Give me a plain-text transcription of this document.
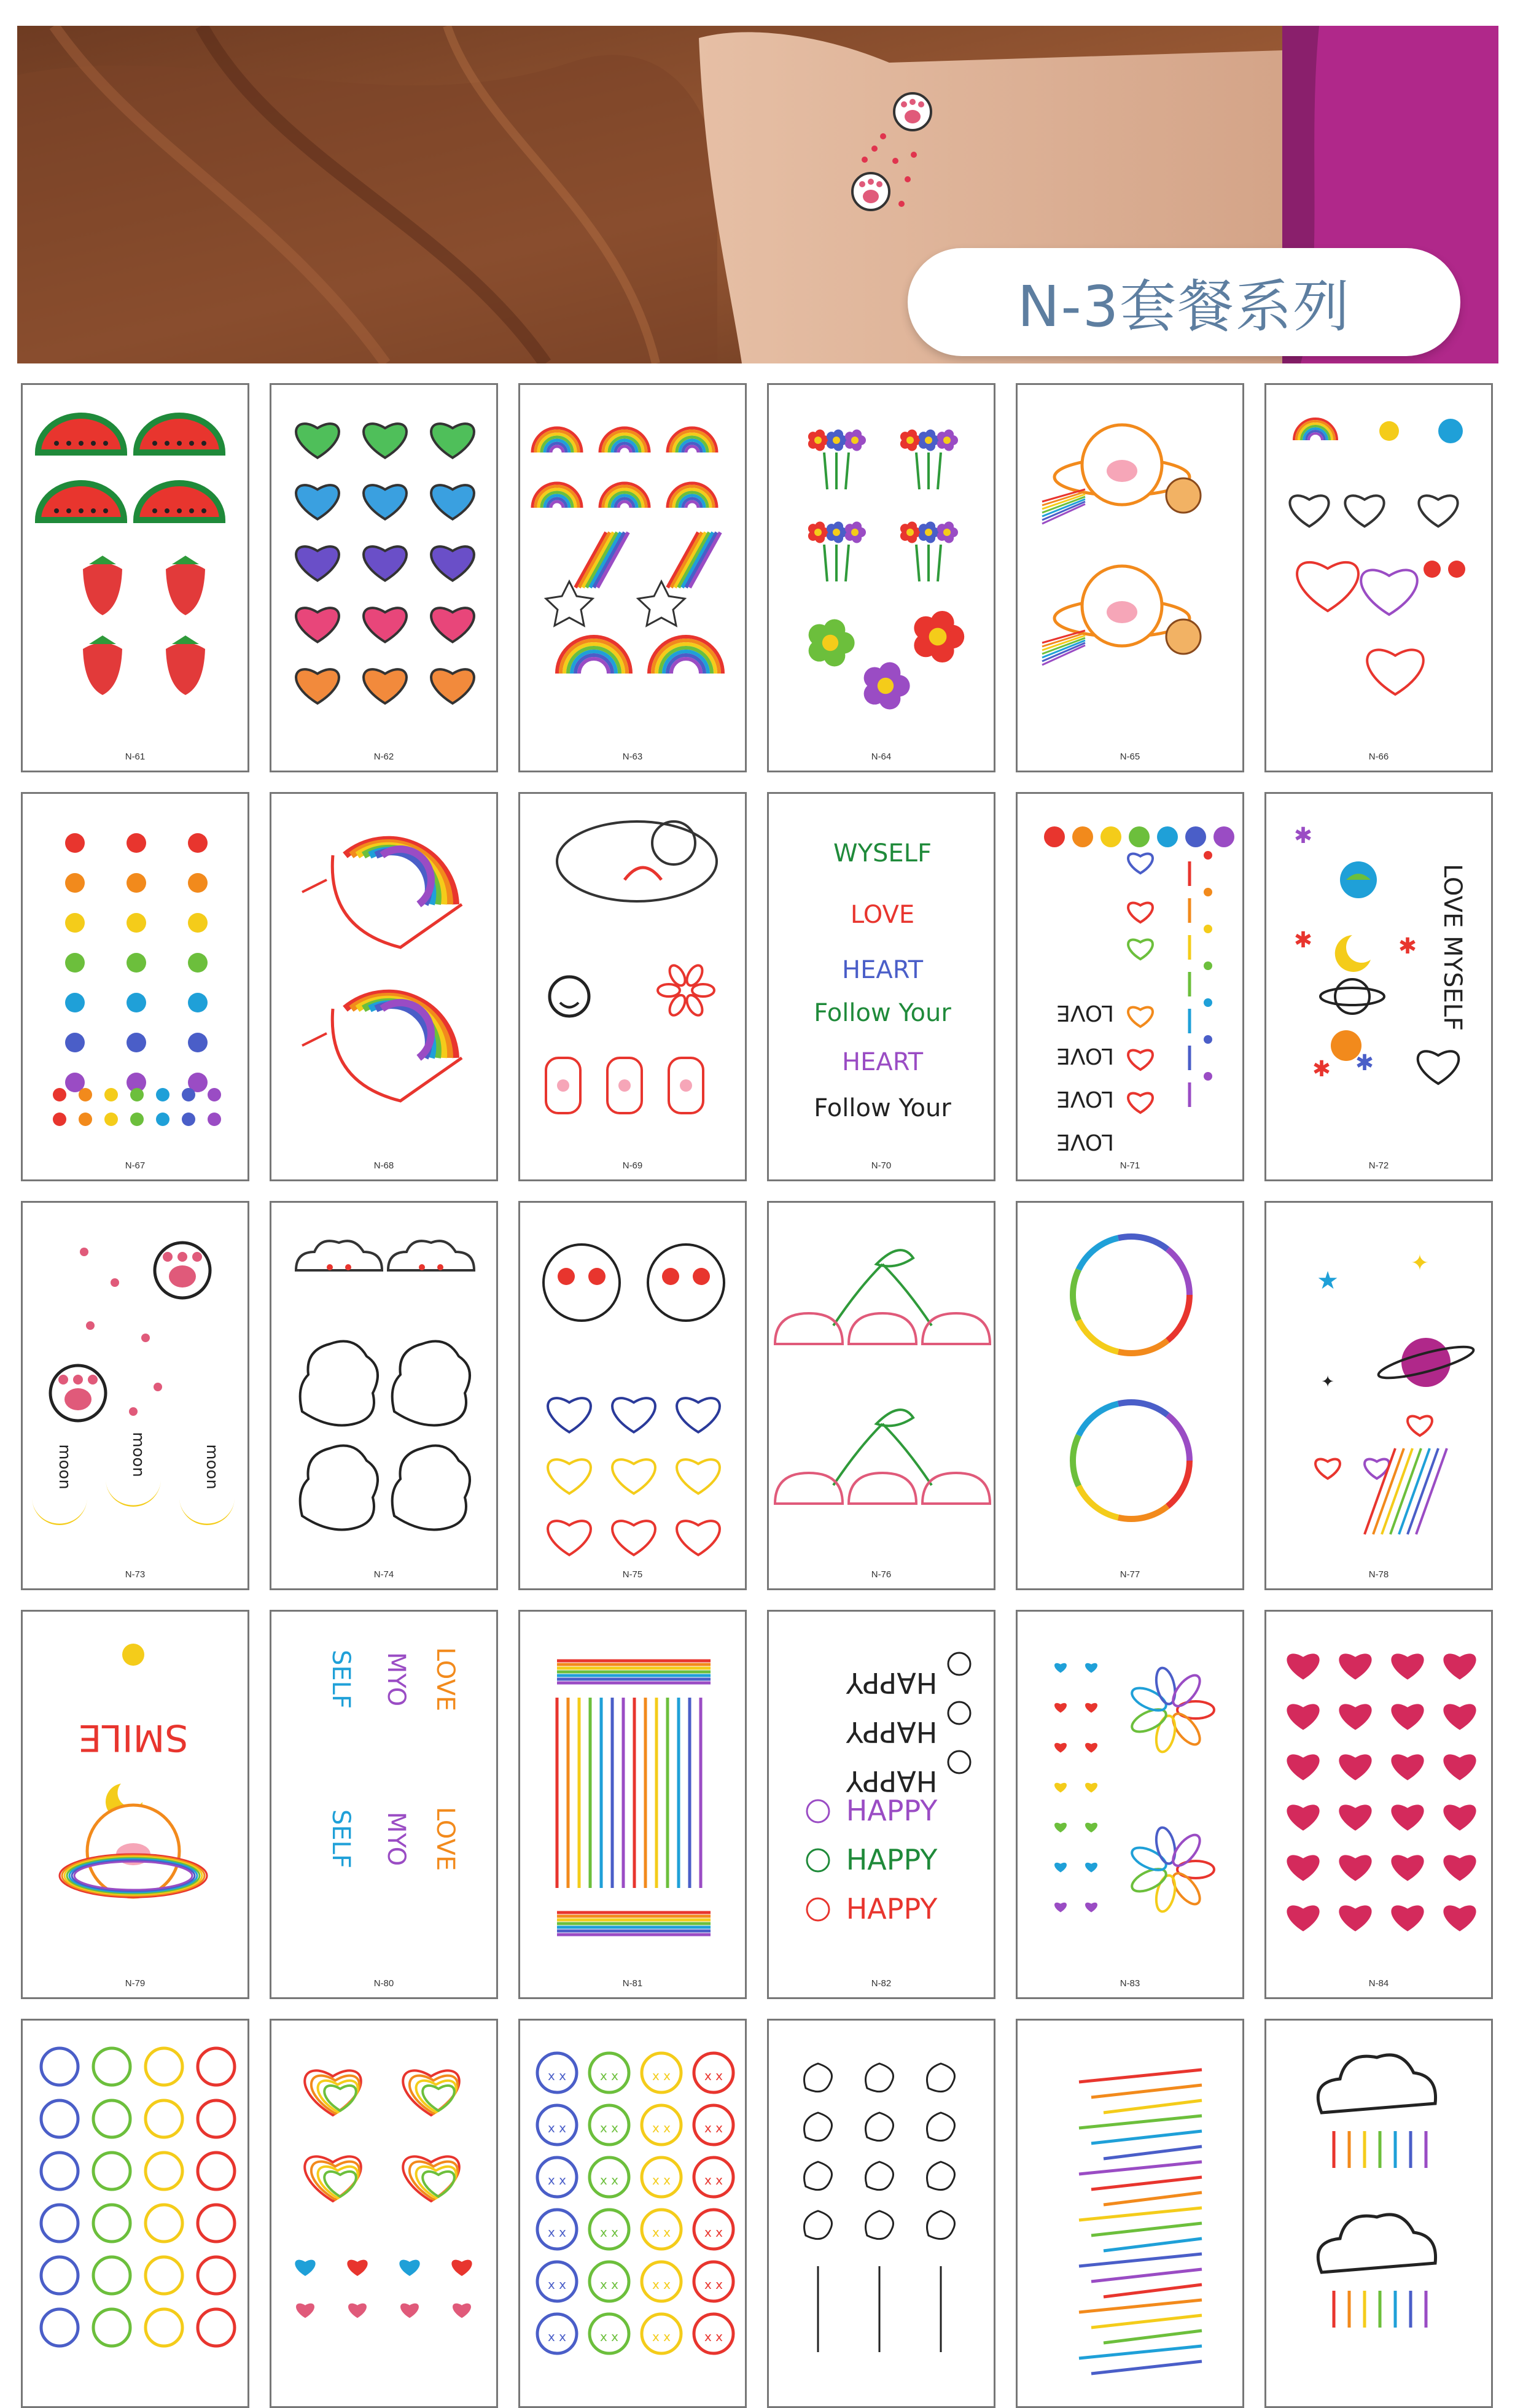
N-3套餐系列
N-61	N-62	N-63	N-64	N-65	N-66
N-67	N-68	N-69
WYSELF
LOVE
HEART
Follow Your
HEART
Follow Your
N-70
LOVE
LOVE
LOVE
LOVE
N-71
✱
✱
✱ ✱
✱ LOVE MYSELF
N-72
moon	moon	moon
N-73	N-74	N-75	N-76	N-77
★
✦
✦
N-78
SMILE
N-79
LOVE
MYO
SELF
LOVE
MYO
SELF
N-80	N-81
HAPPY
HAPPY
HAPPY
HAPPY
HAPPY
HAPPY
N-82	N-83	N-84
x x	x x	x x	x x
x x	x x	x x	x x
x x	x x	x x	x x
x x	x x	x x	x x
x x	x x	x x	x x
x x	x x	x x	x x
